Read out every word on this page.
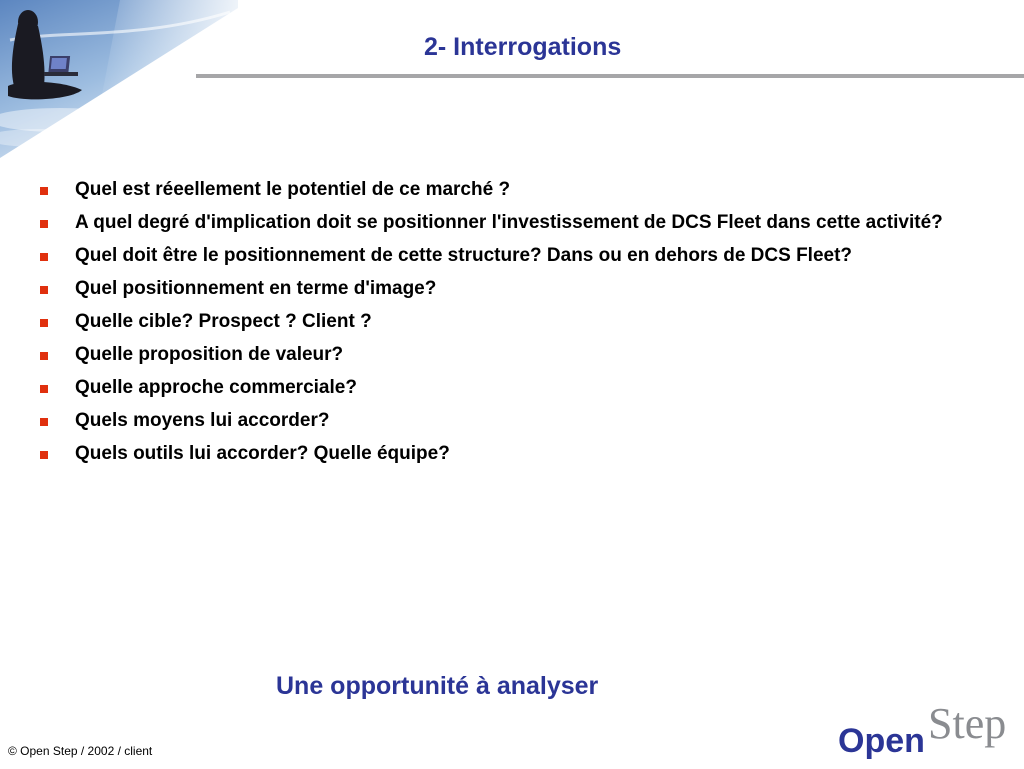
2- Interrogations
Quel est réeellement le potentiel de ce marché ?
A quel degré d'implication doit se positionner l'investissement de DCS Fleet dans cette activité?
Quel doit être le positionnement de cette structure? Dans ou en dehors de DCS Fleet?
Quel positionnement en terme d'image?
Quelle cible? Prospect ? Client ?
Quelle proposition de valeur?
Quelle approche commerciale?
Quels moyens lui accorder?
Quels outils lui accorder? Quelle équipe?
Une opportunité à analyser
© Open Step / 2002 / client	Open Step
